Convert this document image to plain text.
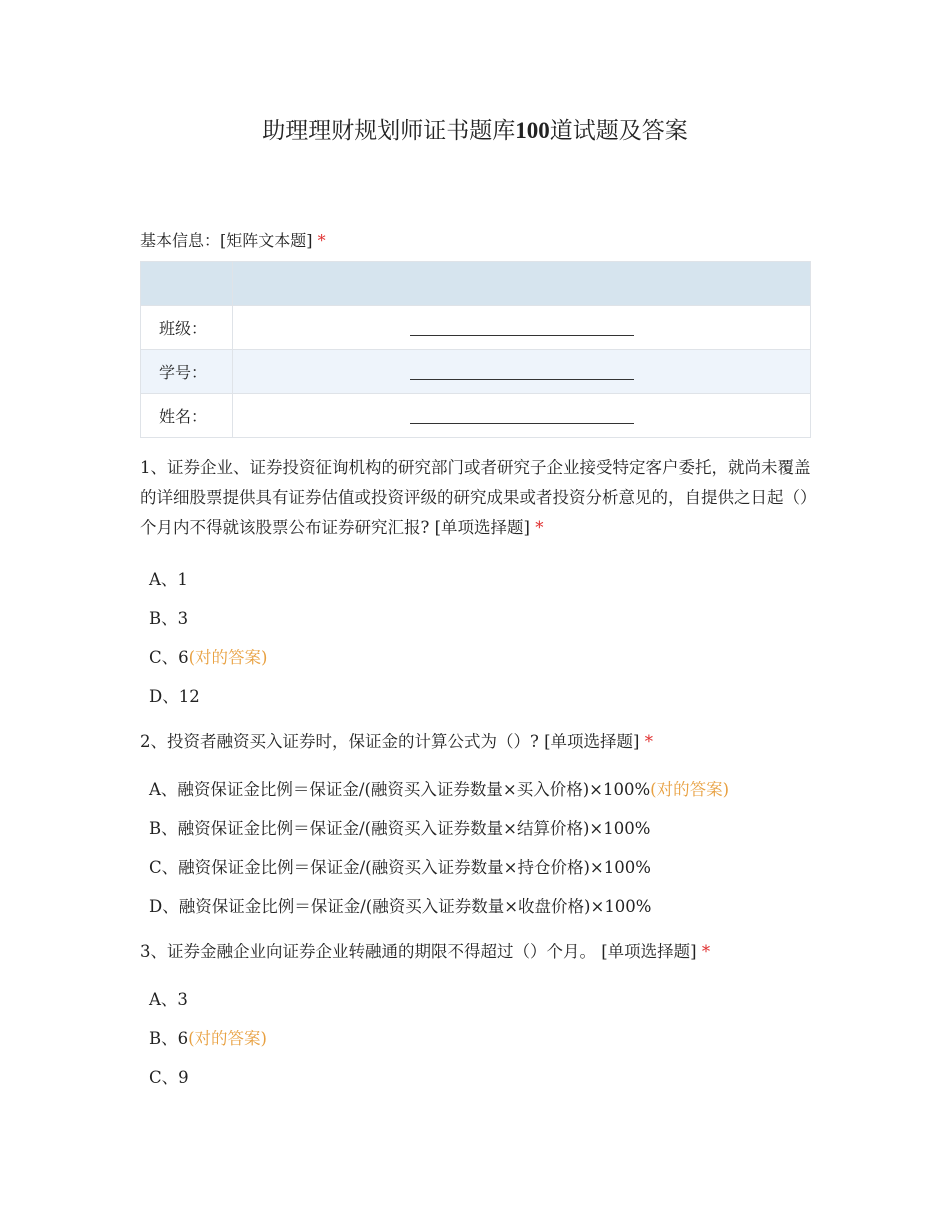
助理理财规划师证书题库100道试题及答案
基本信息：[矩阵文本题] *

班级：	
学号：	
姓名：	
1、证券企业、证券投资征询机构的研究部门或者研究子企业接受特定客户委托，就尚未覆盖的详细股票提供具有证券估值或投资评级的研究成果或者投资分析意见的，自提供之日起（）个月内不得就该股票公布证券研究汇报? [单项选择题] *
A、1
B、3
C、6(对的答案)
D、12
2、投资者融资买入证券时，保证金的计算公式为（）? [单项选择题] *
A、融资保证金比例＝保证金/(融资买入证券数量×买入价格)×100%(对的答案)
B、融资保证金比例＝保证金/(融资买入证券数量×结算价格)×100%
C、融资保证金比例＝保证金/(融资买入证券数量×持仓价格)×100%
D、融资保证金比例＝保证金/(融资买入证券数量×收盘价格)×100%
3、证券金融企业向证券企业转融通的期限不得超过（）个月。 [单项选择题] *
A、3
B、6(对的答案)
C、9
